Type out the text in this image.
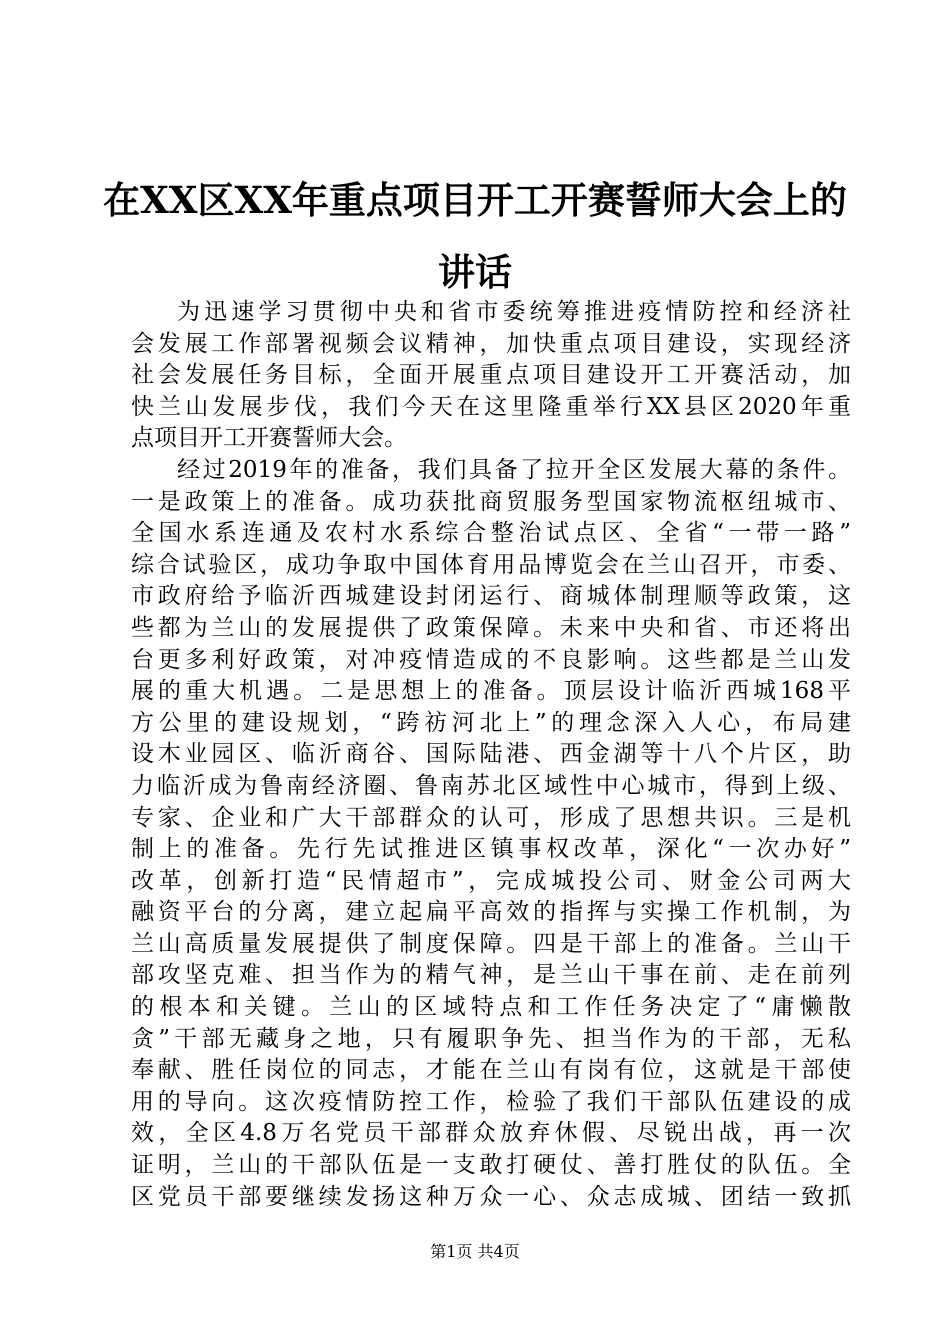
在XX区XX年重点项目开工开赛誓师大会上的
讲话
为迅速学习贯彻中央和省市委统筹推进疫情防控和经济社
会发展工作部署视频会议精神，加快重点项目建设，实现经济
社会发展任务目标，全面开展重点项目建设开工开赛活动，加
快兰山发展步伐，我们今天在这里隆重举行XX县区2020年重
点项目开工开赛誓师大会。
经过2019年的准备，我们具备了拉开全区发展大幕的条件。
一是政策上的准备。成功获批商贸服务型国家物流枢纽城市、
全国水系连通及农村水系综合整治试点区、全省“一带一路”
综合试验区，成功争取中国体育用品博览会在兰山召开，市委、
市政府给予临沂西城建设封闭运行、商城体制理顺等政策，这
些都为兰山的发展提供了政策保障。未来中央和省、市还将出
台更多利好政策，对冲疫情造成的不良影响。这些都是兰山发
展的重大机遇。二是思想上的准备。顶层设计临沂西城168平
方公里的建设规划，“跨祊河北上”的理念深入人心，布局建
设木业园区、临沂商谷、国际陆港、西金湖等十八个片区，助
力临沂成为鲁南经济圈、鲁南苏北区域性中心城市，得到上级、
专家、企业和广大干部群众的认可，形成了思想共识。三是机
制上的准备。先行先试推进区镇事权改革，深化“一次办好”
改革，创新打造“民情超市”，完成城投公司、财金公司两大
融资平台的分离，建立起扁平高效的指挥与实操工作机制，为
兰山高质量发展提供了制度保障。四是干部上的准备。兰山干
部攻坚克难、担当作为的精气神，是兰山干事在前、走在前列
的根本和关键。兰山的区域特点和工作任务决定了“庸懒散
贪”干部无藏身之地，只有履职争先、担当作为的干部，无私
奉献、胜任岗位的同志，才能在兰山有岗有位，这就是干部使
用的导向。这次疫情防控工作，检验了我们干部队伍建设的成
效，全区4.8万名党员干部群众放弃休假、尽锐出战，再一次
证明，兰山的干部队伍是一支敢打硬仗、善打胜仗的队伍。全
区党员干部要继续发扬这种万众一心、众志成城、团结一致抓
第1页 共4页
